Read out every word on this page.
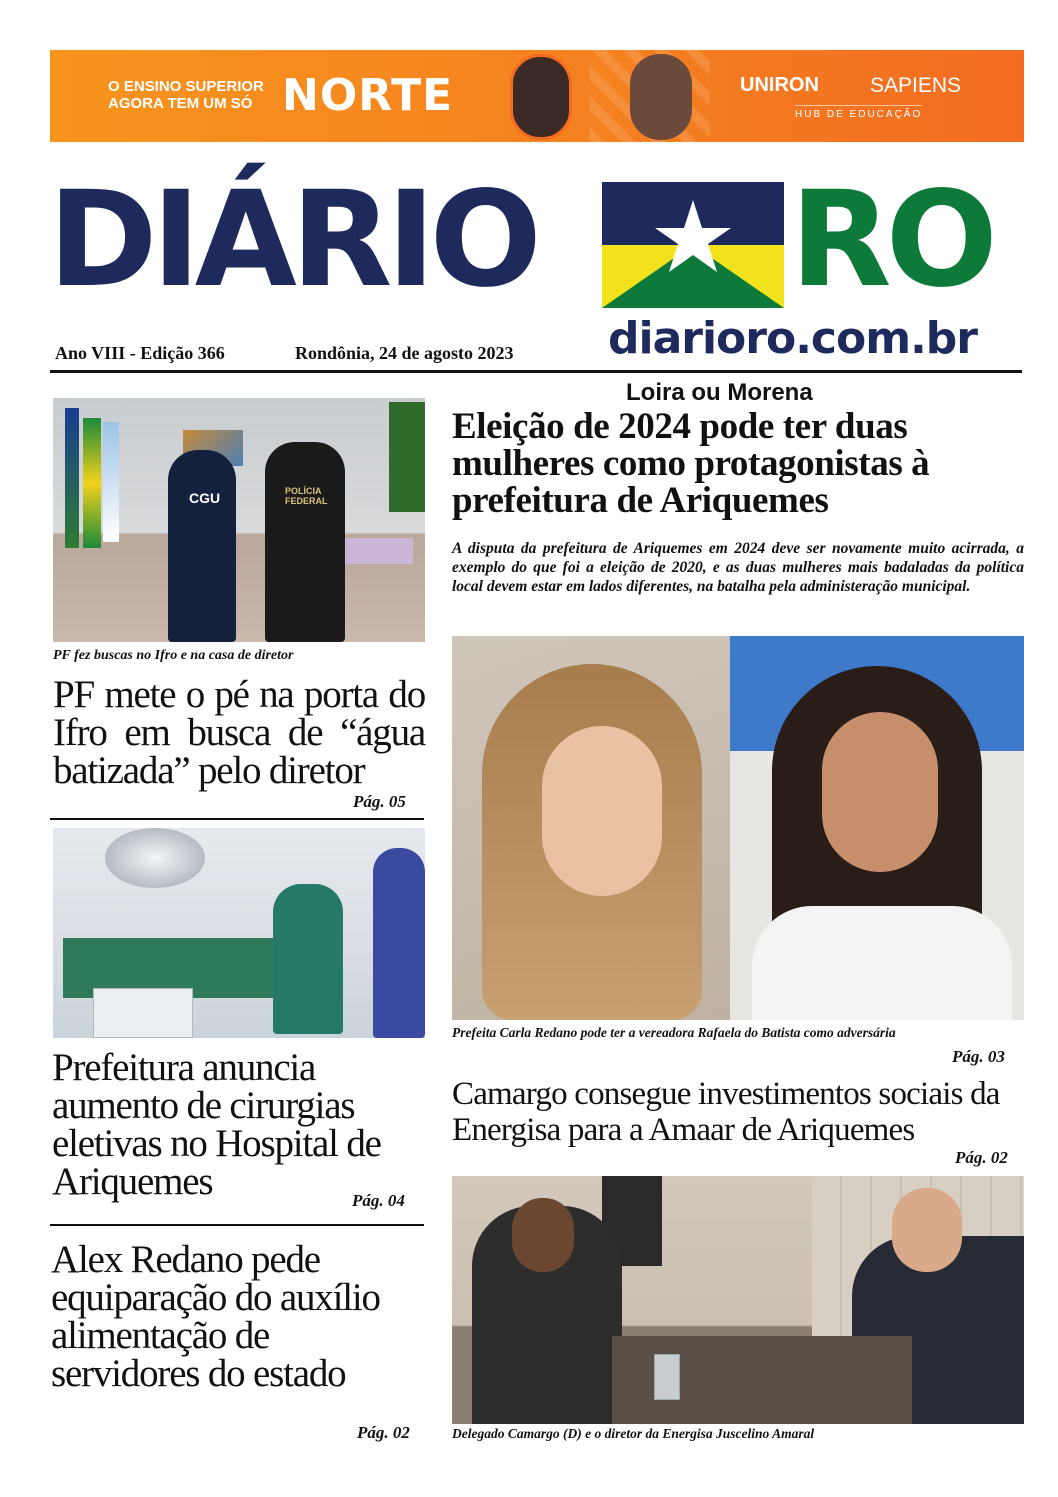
O ENSINO SUPERIOR AGORA TEM UM SÓ NORTE	UNIRON SAPIENS
HUB DE EDUCAÇÃO
DIÁRIO RO
diarioro.com.br
Ano VIII - Edição 366	Rondônia, 24 de agosto 2023
CGU	POLÍCIA FEDERAL
PF fez buscas no Ifro e na casa de diretor
PF mete o pé na porta do Ifro em busca de “água batizada” pelo diretor
Pág. 05
Prefeitura anuncia aumento de cirurgias eletivas no Hospital de Ariquemes	Pág. 04
Alex Redano pede equiparação do auxílio alimentação de servidores do estado
Pág. 02
Loira ou Morena
Eleição de 2024 pode ter duas mulheres como protagonistas à prefeitura de Ariquemes
A disputa da prefeitura de Ariquemes em 2024 deve ser novamente muito acirrada, a exemplo do que foi a eleição de 2020, e as duas mulheres mais badaladas da política local devem estar em lados diferentes, na batalha pela administeração municipal.
Prefeita Carla Redano pode ter a vereadora Rafaela do Batista como adversária
Pág. 03
Camargo consegue investimentos sociais da Energisa para a Amaar de Ariquemes
Pág. 02
Delegado Camargo (D) e o diretor da Energisa Juscelino Amaral
